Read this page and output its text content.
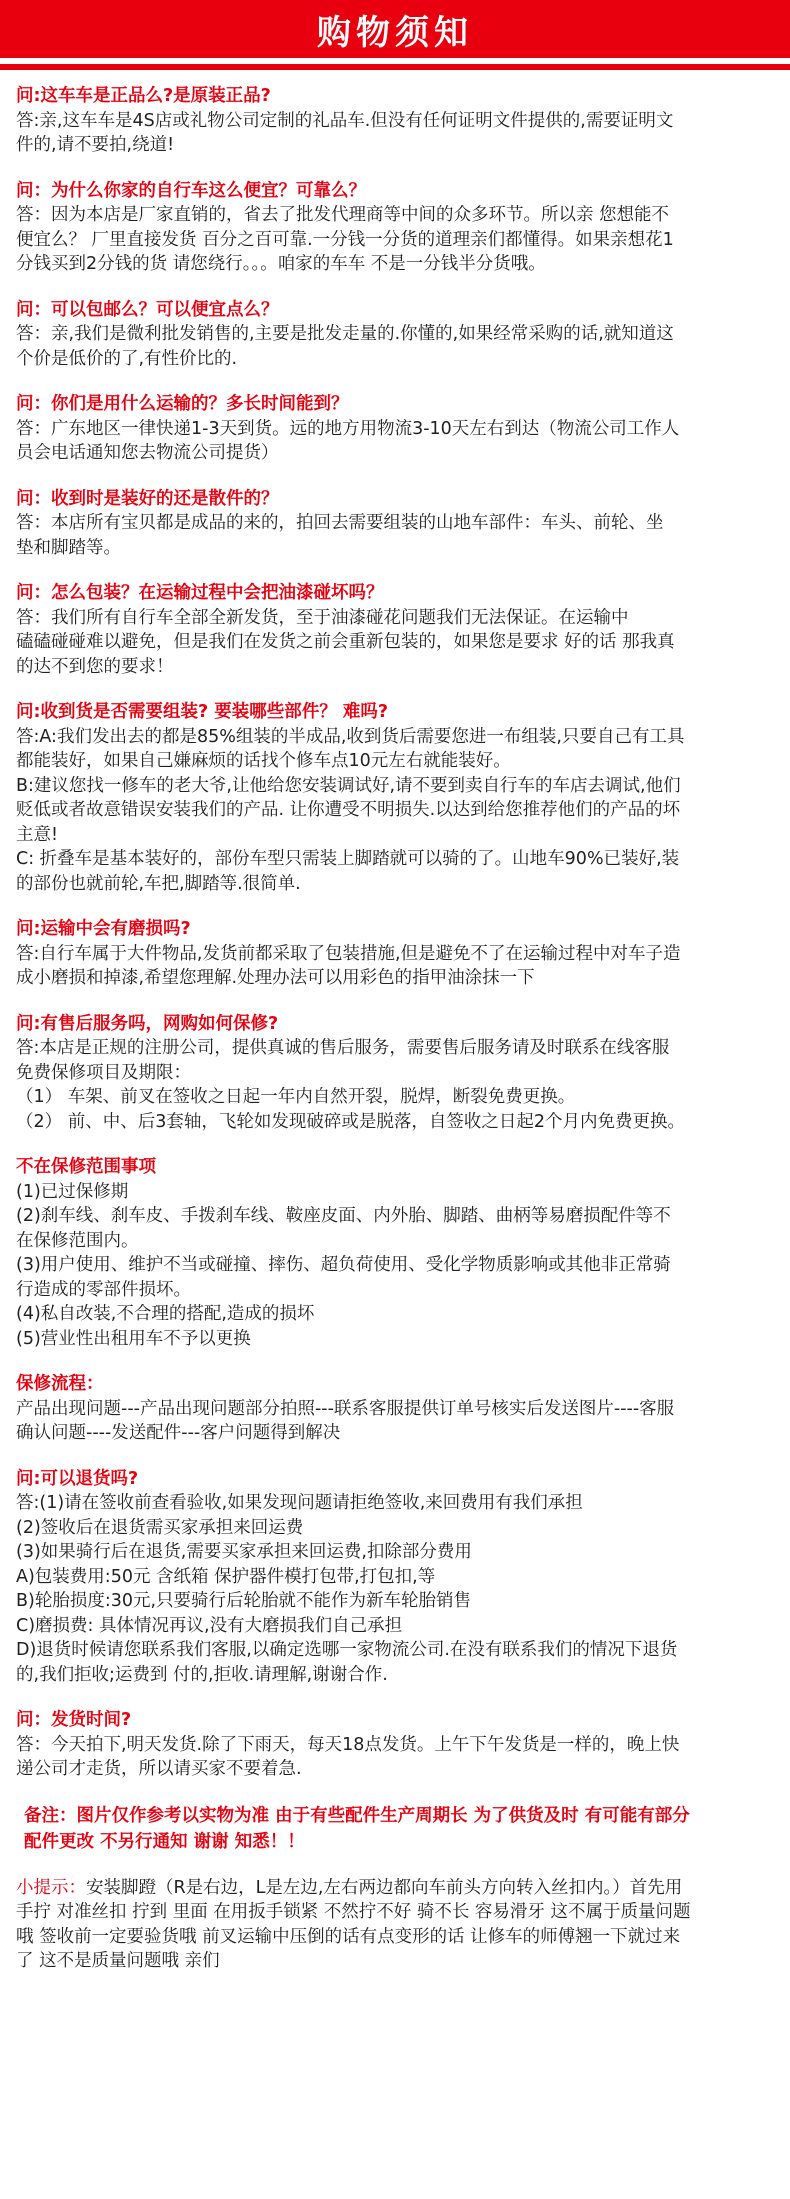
购物须知
问:这车车是正品么?是原装正品?
答:亲,这车车是4S店或礼物公司定制的礼品车.但没有任何证明文件提供的,需要证明文
件的,请不要拍,绕道!
问：为什么你家的自行车这么便宜？可靠么？
答：因为本店是厂家直销的，省去了批发代理商等中间的众多环节。所以亲 您想能不
便宜么？ 厂里直接发货 百分之百可靠.一分钱一分货的道理亲们都懂得。如果亲想花1
分钱买到2分钱的货 请您绕行。。。咱家的车车 不是一分钱半分货哦。
问：可以包邮么？可以便宜点么？
答：亲,我们是微利批发销售的,主要是批发走量的.你懂的,如果经常采购的话,就知道这
个价是低价的了,有性价比的.
问：你们是用什么运输的？多长时间能到？
答：广东地区一律快递1-3天到货。远的地方用物流3-10天左右到达（物流公司工作人
员会电话通知您去物流公司提货）
问：收到时是装好的还是散件的？
答：本店所有宝贝都是成品的来的，拍回去需要组装的山地车部件：车头、前轮、坐
垫和脚踏等。
问：怎么包装？在运输过程中会把油漆碰坏吗？
答：我们所有自行车全部全新发货，至于油漆碰花问题我们无法保证。在运输中
磕磕碰碰难以避免，但是我们在发货之前会重新包装的，如果您是要求 好的话 那我真
的达不到您的要求！
问:收到货是否需要组装? 要装哪些部件？ 难吗?
答:A:我们发出去的都是85%组装的半成品,收到货后需要您进一布组装,只要自己有工具
都能装好，如果自己嫌麻烦的话找个修车点10元左右就能装好。
B:建议您找一修车的老大爷,让他给您安装调试好,请不要到卖自行车的车店去调试,他们
贬低或者故意错误安装我们的产品. 让你遭受不明损失.以达到给您推荐他们的产品的坏
主意!
C: 折叠车是基本装好的，部份车型只需装上脚踏就可以骑的了。山地车90%已装好,装
的部份也就前轮,车把,脚踏等.很简单.
问:运输中会有磨损吗?
答:自行车属于大件物品,发货前都采取了包装措施,但是避免不了在运输过程中对车子造
成小磨损和掉漆,希望您理解.处理办法可以用彩色的指甲油涂抹一下
问:有售后服务吗，网购如何保修?
答:本店是正规的注册公司，提供真诚的售后服务，需要售后服务请及时联系在线客服
免费保修项目及期限：
（1） 车架、前叉在签收之日起一年内自然开裂，脱焊，断裂免费更换。
（2） 前、中、后3套轴，飞轮如发现破碎或是脱落，自签收之日起2个月内免费更换。
不在保修范围事项
(1)已过保修期
(2)刹车线、刹车皮、手拨刹车线、鞍座皮面、内外胎、脚踏、曲柄等易磨损配件等不
在保修范围内。
(3)用户使用、维护不当或碰撞、摔伤、超负荷使用、受化学物质影响或其他非正常骑
行造成的零部件损坏。
(4)私自改装,不合理的搭配,造成的损坏
(5)营业性出租用车不予以更换
保修流程：
产品出现问题---产品出现问题部分拍照---联系客服提供订单号核实后发送图片----客服
确认问题----发送配件---客户问题得到解决
问:可以退货吗?
答:(1)请在签收前查看验收,如果发现问题请拒绝签收,来回费用有我们承担
(2)签收后在退货需买家承担来回运费
(3)如果骑行后在退货,需要买家承担来回运费,扣除部分费用
A)包装费用:50元 含纸箱 保护器件模打包带,打包扣,等
B)轮胎损度:30元,只要骑行后轮胎就不能作为新车轮胎销售
C)磨损费: 具体情况再议,没有大磨损我们自己承担
D)退货时候请您联系我们客服,以确定选哪一家物流公司.在没有联系我们的情况下退货
的,我们拒收;运费到 付的,拒收.请理解,谢谢合作.
问：发货时间?
答：今天拍下,明天发货.除了下雨天，每天18点发货。上午下午发货是一样的，晚上快
递公司才走货，所以请买家不要着急.
备注：图片仅作参考以实物为准 由于有些配件生产周期长 为了供货及时 有可能有部分
配件更改 不另行通知 谢谢 知悉！！
小提示：安装脚蹬（R是右边，L是左边,左右两边都向车前头方向转入丝扣内。）首先用
手拧 对准丝扣 拧到 里面 在用扳手锁紧 不然拧不好 骑不长 容易滑牙 这不属于质量问题
哦 签收前一定要验货哦 前叉运输中压倒的话有点变形的话 让修车的师傅翘一下就过来
了 这不是质量问题哦 亲们
